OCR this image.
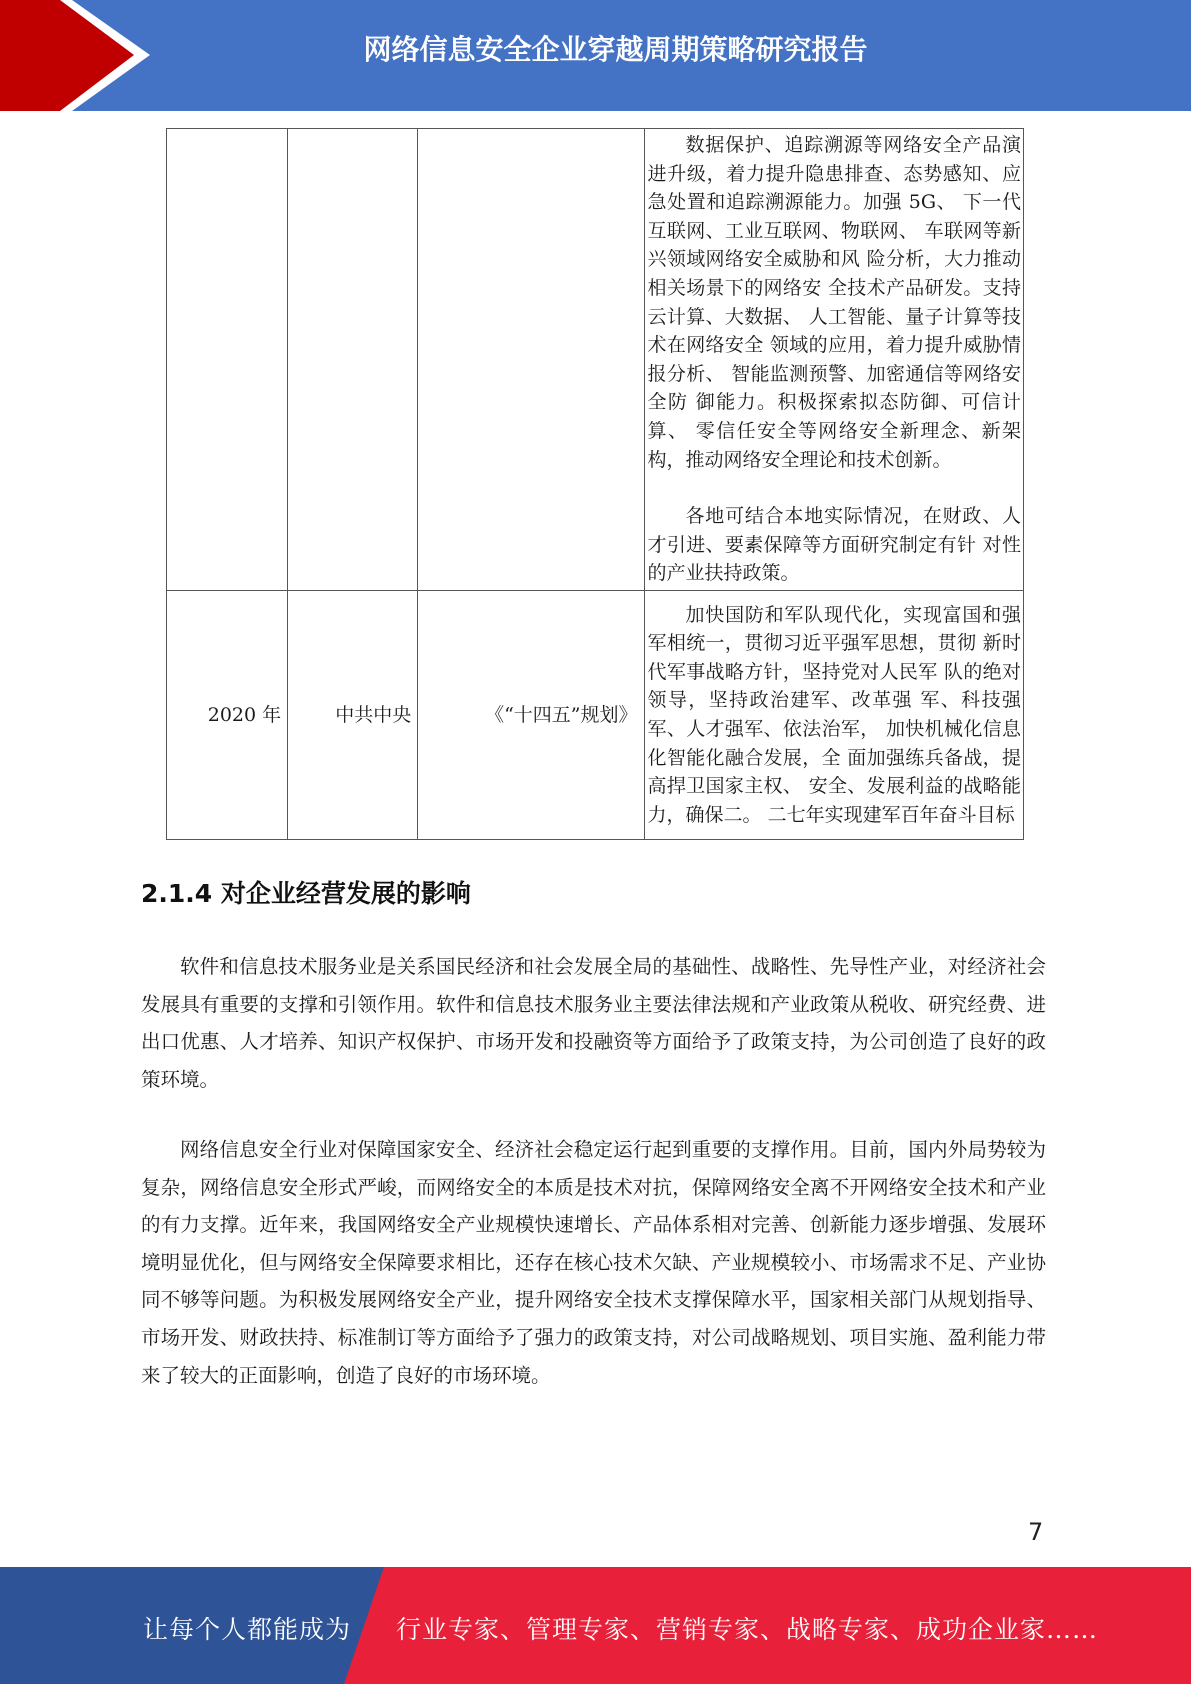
网络信息安全企业穿越周期策略研究报告

			数据保护、追踪溯源等网络安全产品演进升级，着力提升隐患排查、态势感知、应急处置和追踪溯源能力。加强 5G、 下一代互联网、工业互联网、物联网、 车联网等新兴领域网络安全威胁和风 险分析，大力推动相关场景下的网络安 全技术产品研发。支持云计算、大数据、 人工智能、量子计算等技术在网络安全 领域的应用，着力提升威胁情报分析、 智能监测预警、加密通信等网络安全防 御能力。积极探索拟态防御、可信计算、 零信任安全等网络安全新理念、新架 构，推动网络安全理论和技术创新。

各地可结合本地实际情况，在财政、人才引进、要素保障等方面研究制定有针 对性的产业扶持政策。

2020 年	中共中央	《“十四五”规划》	加快国防和军队现代化，实现富国和强军相统一，贯彻习近平强军思想，贯彻 新时代军事战略方针，坚持党对人民军 队的绝对领导，坚持政治建军、改革强 军、科技强军、人才强军、依法治军， 加快机械化信息化智能化融合发展，全 面加强练兵备战，提高捍卫国家主权、 安全、发展利益的战略能力，确保二。 二七年实现建军百年奋斗目标

2.1.4 对企业经营发展的影响

软件和信息技术服务业是关系国民经济和社会发展全局的基础性、战略性、先导性产业，对经济社会发展具有重要的支撑和引领作用。软件和信息技术服务业主要法律法规和产业政策从税收、研究经费、进出口优惠、人才培养、知识产权保护、市场开发和投融资等方面给予了政策支持，为公司创造了良好的政策环境。

网络信息安全行业对保障国家安全、经济社会稳定运行起到重要的支撑作用。目前，国内外局势较为复杂，网络信息安全形式严峻，而网络安全的本质是技术对抗，保障网络安全离不开网络安全技术和产业的有力支撑。近年来，我国网络安全产业规模快速增长、产品体系相对完善、创新能力逐步增强、发展环境明显优化，但与网络安全保障要求相比，还存在核心技术欠缺、产业规模较小、市场需求不足、产业协同不够等问题。为积极发展网络安全产业，提升网络安全技术支撑保障水平，国家相关部门从规划指导、市场开发、财政扶持、标准制订等方面给予了强力的政策支持，对公司战略规划、项目实施、盈利能力带来了较大的正面影响，创造了良好的市场环境。

7
让每个人都能成为 行业专家、管理专家、营销专家、战略专家、成功企业家……
